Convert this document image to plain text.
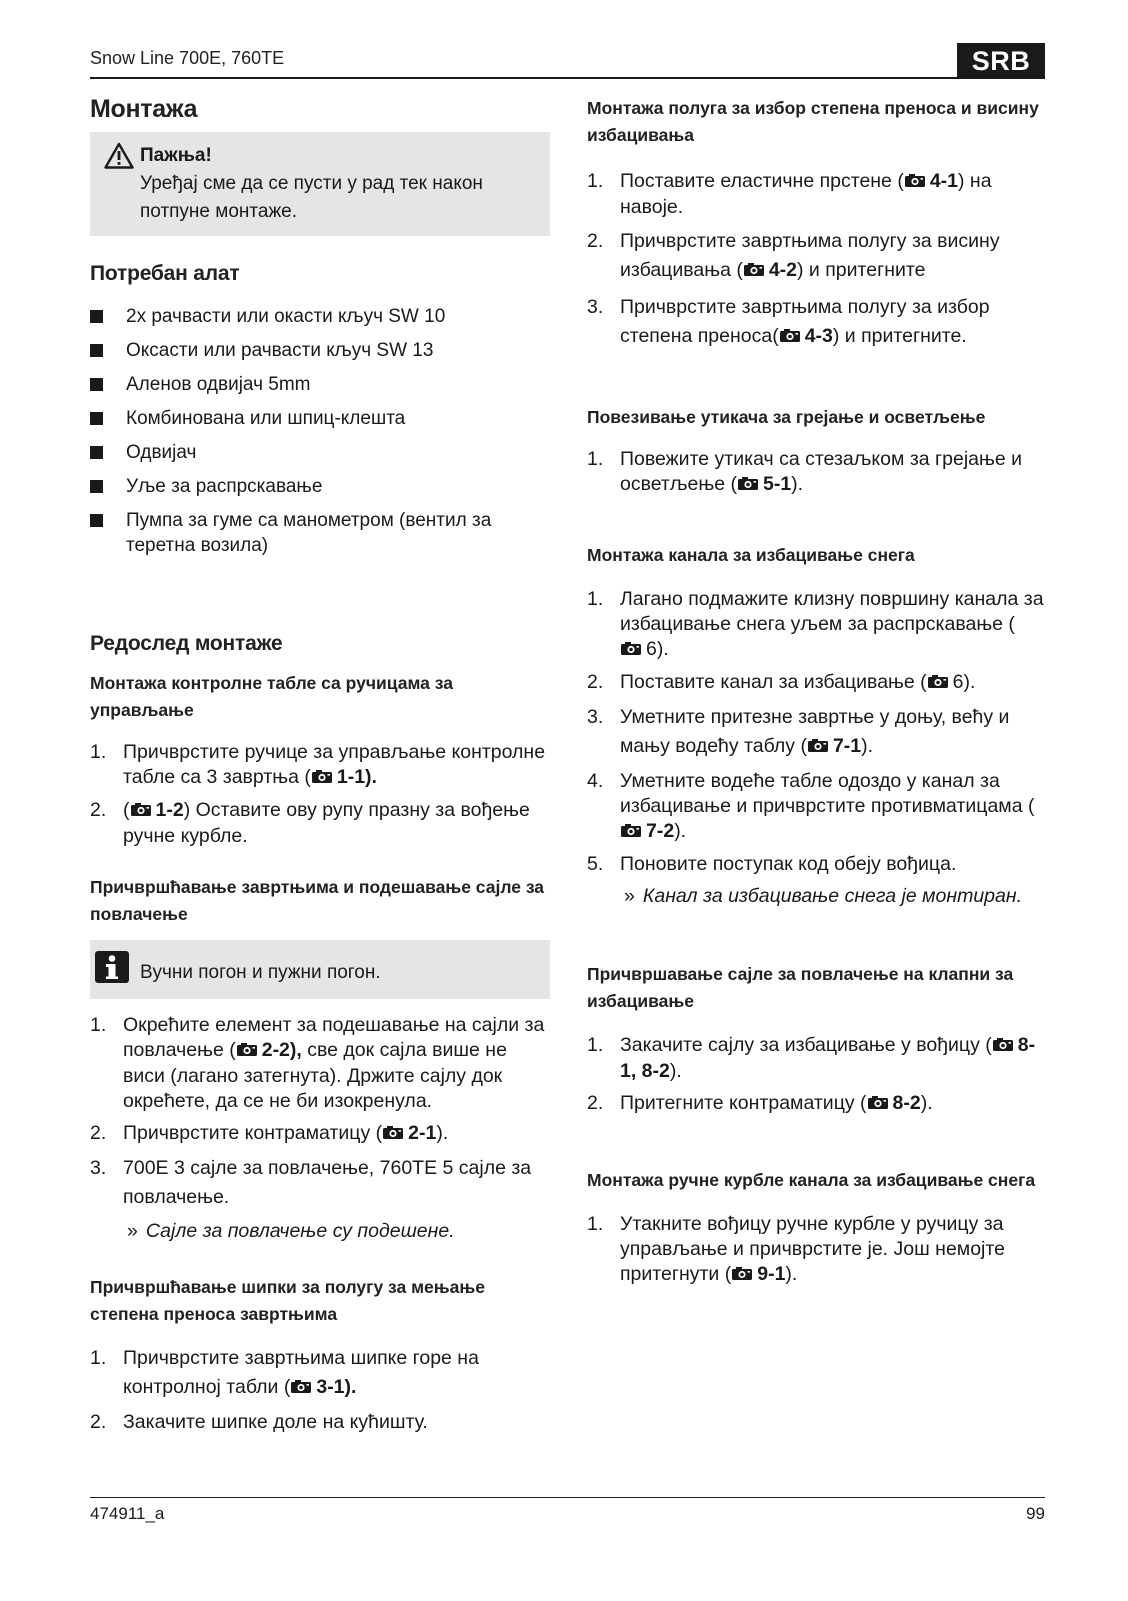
Snow Line 700E, 760TE	SRB
Монтажа
Пажња!
Уређај сме да се пусти у рад тек након потпуне монтаже.
Потребан алат
2x рачвасти или окасти кључ SW 10
Оксасти или рачвасти кључ SW 13
Аленов одвијач 5mm
Комбинована или шпиц-клешта
Одвијач
Уље за распрскавање
Пумпа за гуме са манометром (вентил за теретна возила)
Редослед монтаже
Монтажа контролне табле са ручицама за управљање
1. Причврстите ручице за управљање контролне табле са 3 завртња ( 1-1).
2. ( 1-2) Оставите ову рупу празну за вођење ручне курбле.
Причвршћавање завртњима и подешавање сајле за повлачење
Вучни погон и пужни погон.
1. Окрећите елемент за подешавање на сајли за повлачење ( 2-2), све док сајла више не виси (лагано затегнута). Држите сајлу док окрећете, да се не би изокренула.
2. Причврстите контраматицу ( 2-1).
3. 700E 3 сајле за повлачење, 760TE 5 сајле за повлачење.
» Сајле за повлачење су подешене.
Причвршћавање шипки за полугу за мењање степена преноса завртњима
1. Причврстите завртњима шипке горе на контролној табли ( 3-1).
2. Закачите шипке доле на кућишту.
Монтажа полуга за избор степена преноса и висину избацивања
1. Поставите еластичне прстене ( 4-1) на навоје.
2. Причврстите завртњима полугу за висину избацивања ( 4-2) и притегните
3. Причврстите завртњима полугу за избор степена преноса( 4-3) и притегните.
Повезивање утикача за грејање и осветљење
1. Повежите утикач са стезаљком за грејање и осветљење ( 5-1).
Монтажа канала за избацивање снега
1. Лагано подмажите клизну површину канала за избацивање снега уљем за распрскавање (6).
2. Поставите канал за избацивање ( 6).
3. Уметните притезне завртње у доњу, већу и мању водећу таблу ( 7-1).
4. Уметните водеће табле одоздо у канал за избацивање и причврстите противматицама (7-2).
5. Поновите поступак код обеју вођица.
» Канал за избацивање снега је монтиран.
Причвршавање сајле за повлачење на клапни за избацивање
1. Закачите сајлу за избацивање у вођицу ( 8-1, 8-2).
2. Притегните контраматицу ( 8-2).
Монтажа ручне курбле канала за избацивање снега
1. Утакните вођицу ручне курбле у ручицу за управљање и причврстите је. Још немојте притегнути ( 9-1).
474911_a	99
